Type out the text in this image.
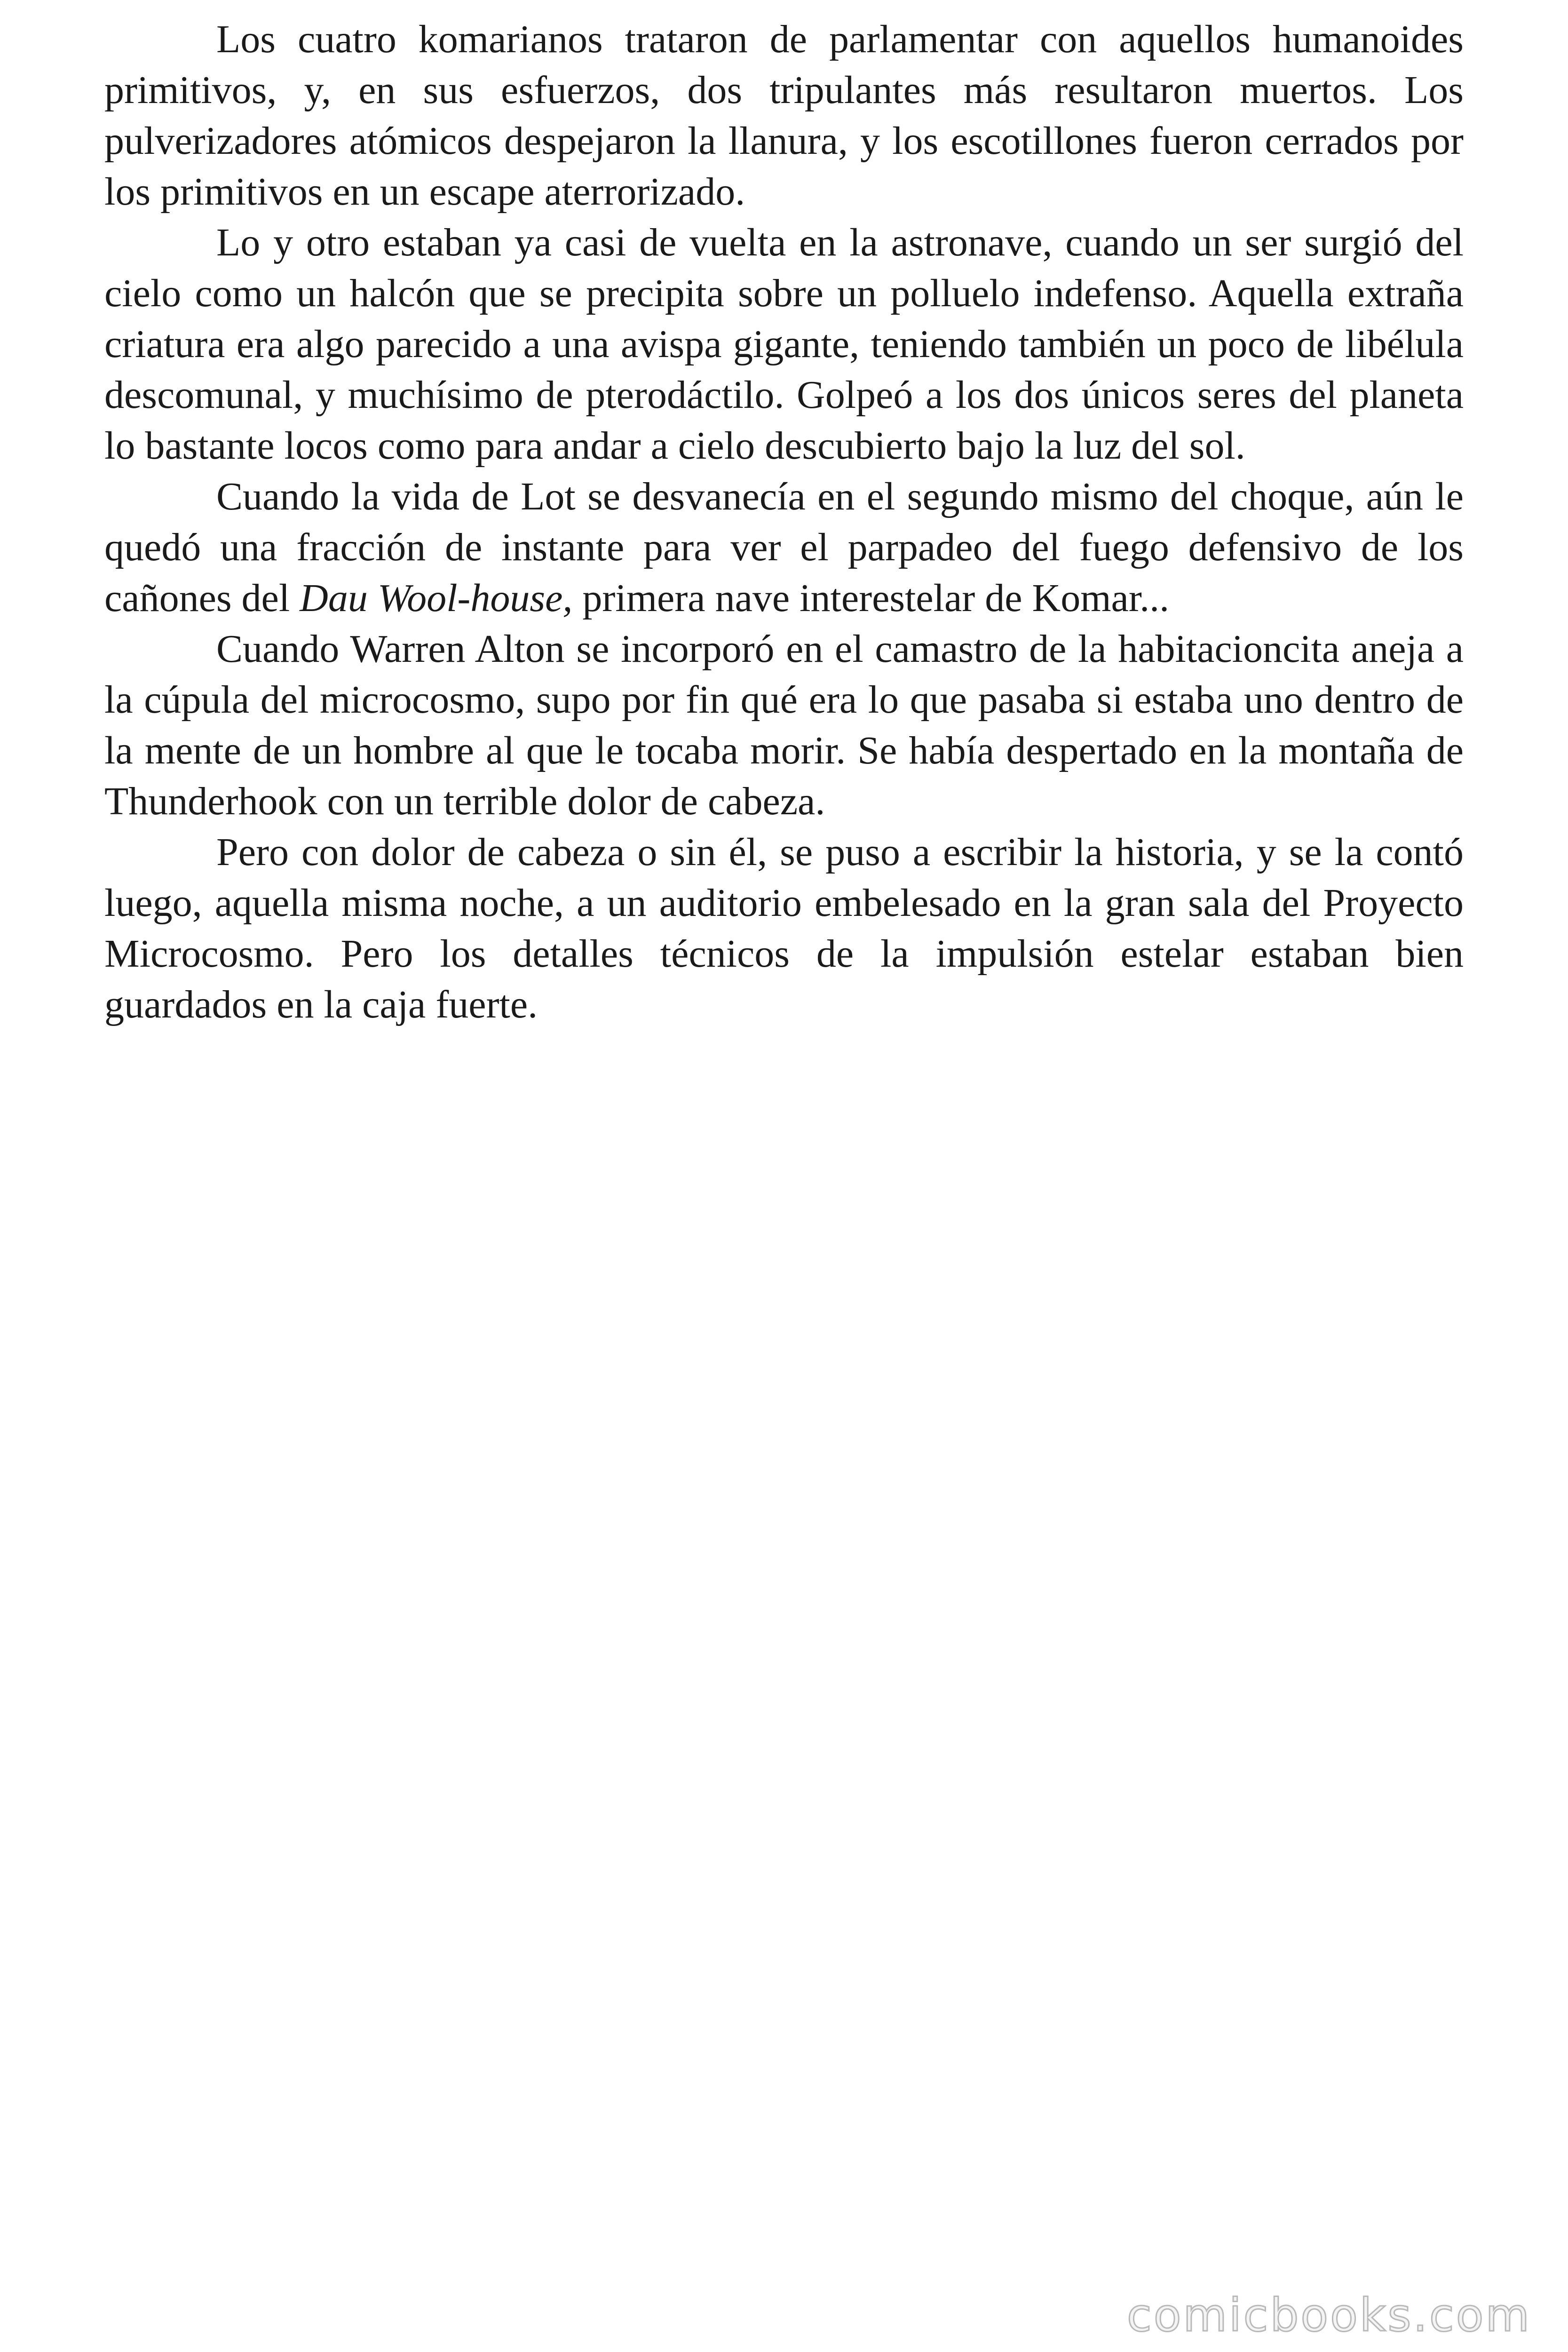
Los cuatro komarianos trataron de parlamentar con aquellos humanoides primitivos, y, en sus esfuerzos, dos tripulantes más resultaron muertos. Los pulverizadores atómicos despejaron la llanura, y los escotillones fueron cerrados por los primitivos en un escape aterrorizado.

Lo y otro estaban ya casi de vuelta en la astronave, cuando un ser surgió del cielo como un halcón que se precipita sobre un polluelo indefenso. Aquella extraña criatura era algo parecido a una avispa gigante, teniendo también un poco de libélula descomunal, y muchísimo de pterodáctilo. Golpeó a los dos únicos seres del planeta lo bastante locos como para andar a cielo descubierto bajo la luz del sol.

Cuando la vida de Lot se desvanecía en el segundo mismo del choque, aún le quedó una fracción de instante para ver el parpadeo del fuego defensivo de los cañones del Dau Wool-house, primera nave interestelar de Komar...

Cuando Warren Alton se incorporó en el camastro de la habitacioncita aneja a la cúpula del microcosmo, supo por fin qué era lo que pasaba si estaba uno dentro de la mente de un hombre al que le tocaba morir. Se había despertado en la montaña de Thunderhook con un terrible dolor de cabeza.

Pero con dolor de cabeza o sin él, se puso a escribir la historia, y se la contó luego, aquella misma noche, a un auditorio embelesado en la gran sala del Proyecto Microcosmo. Pero los detalles técnicos de la impulsión estelar estaban bien guardados en la caja fuerte.

comicbooks.com
